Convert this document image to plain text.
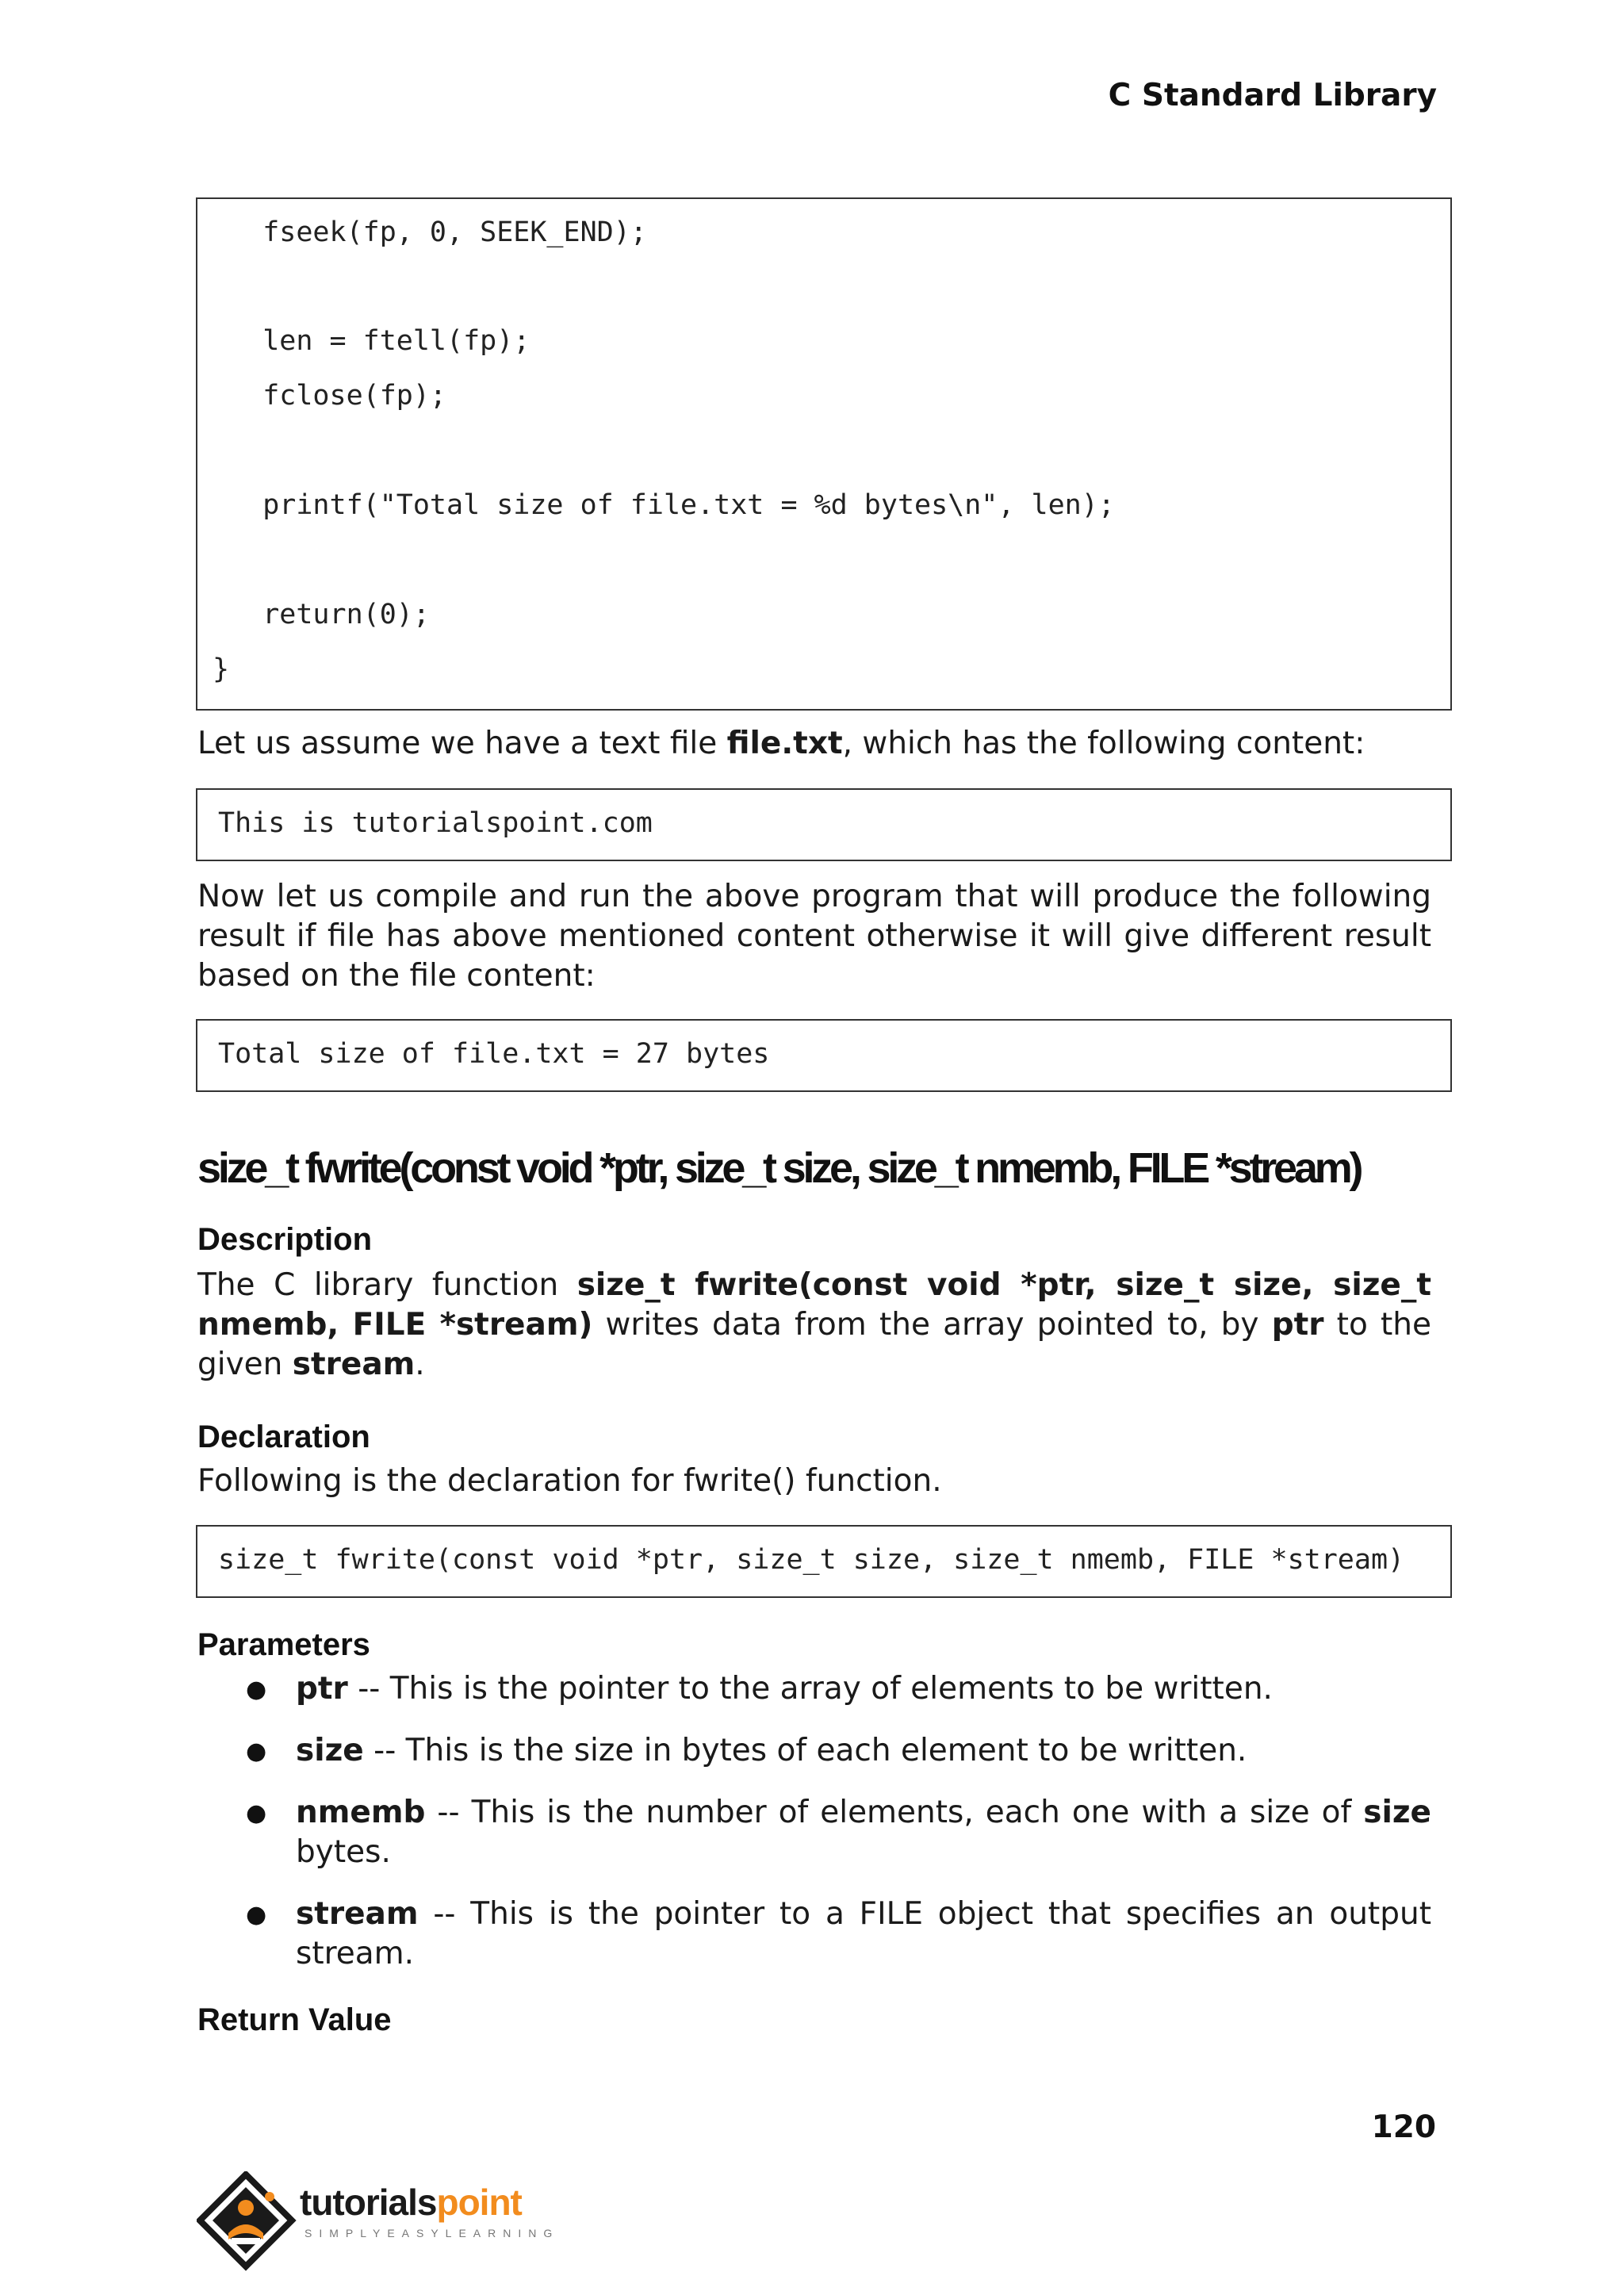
C Standard Library
fseek(fp, 0, SEEK_END);
len = ftell(fp);
fclose(fp);
printf("Total size of file.txt = %d bytes\n", len);
return(0);
}
Let us assume we have a text file file.txt, which has the following content:
This is tutorialspoint.com
Now let us compile and run the above program that will produce the following result if file has above mentioned content otherwise it will give different result based on the file content:
Total size of file.txt = 27 bytes
size_t fwrite(const void *ptr, size_t size, size_t nmemb, FILE *stream)
Description
The C library function size_t fwrite(const void *ptr, size_t size, size_t nmemb, FILE *stream) writes data from the array pointed to, by ptr to the given stream.
Declaration
Following is the declaration for fwrite() function.
size_t fwrite(const void *ptr, size_t size, size_t nmemb, FILE *stream)
Parameters
● ptr -- This is the pointer to the array of elements to be written.
● size -- This is the size in bytes of each element to be written.
● nmemb -- This is the number of elements, each one with a size of size bytes.
● stream -- This is the pointer to a FILE object that specifies an output stream.
Return Value
120
tutorialspoint
SIMPLYEASYLEARNING
